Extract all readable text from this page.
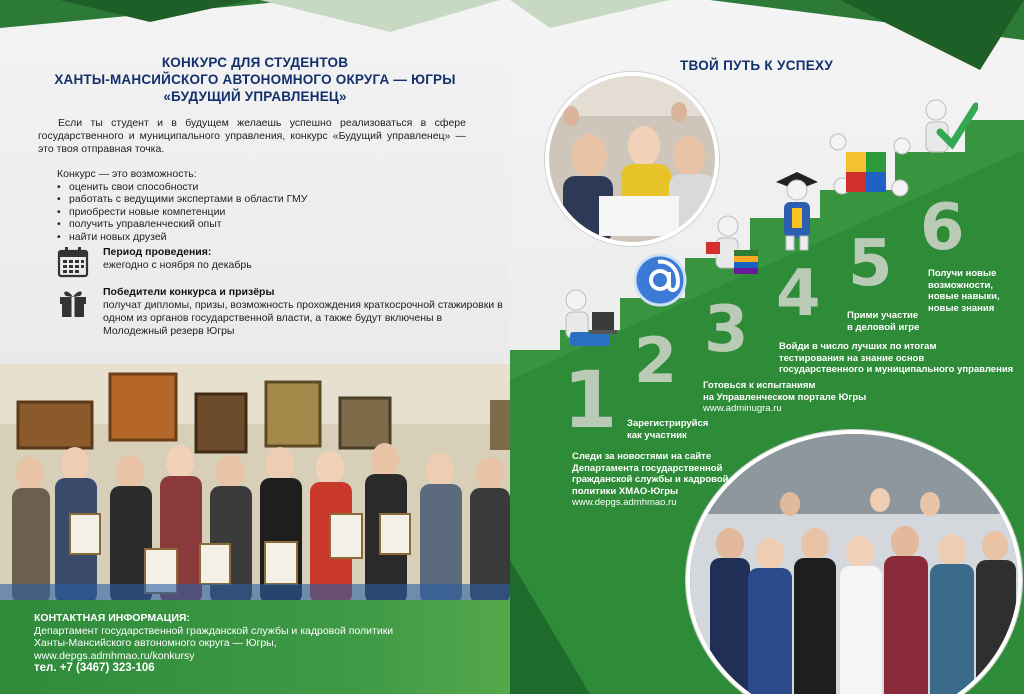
КОНКУРС ДЛЯ СТУДЕНТОВ
ХАНТЫ-МАНСИЙСКОГО АВТОНОМНОГО ОКРУГА — ЮГРЫ
«БУДУЩИЙ УПРАВЛЕНЕЦ»

Если ты студент и в будущем желаешь успешно реализоваться в сфере государственного и муниципального управления, конкурс «Будущий управленец» — это твоя отправная точка.

Конкурс — это возможность:
• оценить свои способности
• работать с ведущими экспертами в области ГМУ
• приобрести новые компетенции
• получить управленческий опыт
• найти новых друзей
Период проведения:
ежегодно с ноября по декабрь
Победители конкурса и призёры
получат дипломы, призы, возможность прохождения краткосрочной стажировки в одном из органов государственной власти, а также будут включены в Молодежный резерв Югры
КОНТАКТНАЯ ИНФОРМАЦИЯ:
Департамент государственной гражданской службы и кадровой политики
Ханты-Мансийского автономного округа — Югры,
www.depgs.admhmao.ru/konkursy
тел. +7 (3467) 323-106
ТВОЙ ПУТЬ К УСПЕХУ
1 2 3 4 5 6
Следи за новостями на сайте
Департамента государственной
гражданской службы и кадровой
политики ХМАО-Югры
www.depgs.admhmao.ru
Зарегистрируйся
как участник
Готовься к испытаниям
на Управленческом портале Югры
www.adminugra.ru
Войди в число лучших по итогам
тестирования на знание основ
государственного и муниципального управления
Прими участие
в деловой игре
Получи новые
возможности,
новые навыки,
новые знания
